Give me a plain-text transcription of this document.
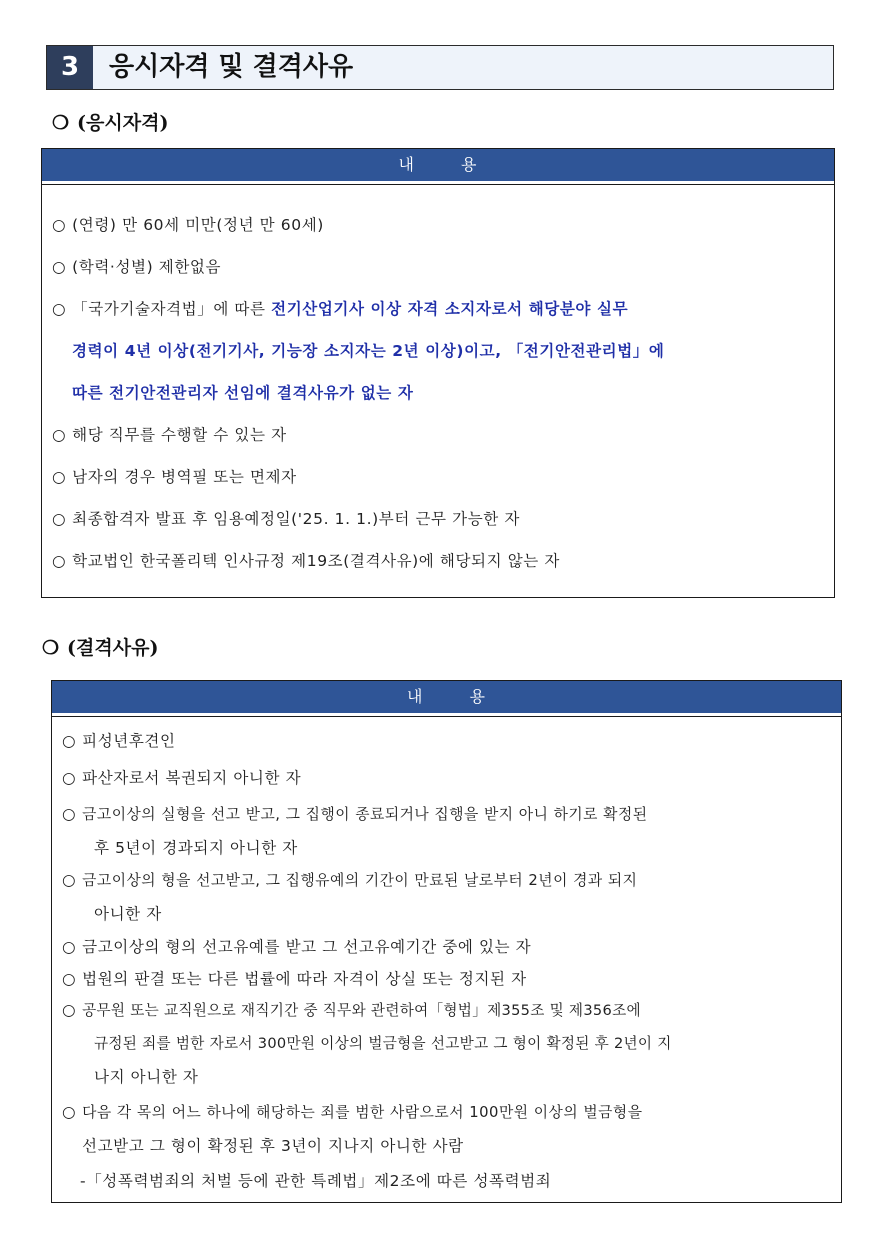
3	응시자격 및 결격사유
❍ (응시자격)
내	용
○ (연령) 만 60세 미만(정년 만 60세)
○ (학력·성별) 제한없음
○ 「국가기술자격법」에 따른 전기산업기사 이상 자격 소지자로서 해당분야 실무
경력이 4년 이상(전기기사, 기능장 소지자는 2년 이상)이고, 「전기안전관리법」에
따른 전기안전관리자 선임에 결격사유가 없는 자
○ 해당 직무를 수행할 수 있는 자
○ 남자의 경우 병역필 또는 면제자
○ 최종합격자 발표 후 임용예정일('25. 1. 1.)부터 근무 가능한 자
○ 학교법인 한국폴리텍 인사규정 제19조(결격사유)에 해당되지 않는 자
❍ (결격사유)
내	용
○ 피성년후견인
○ 파산자로서 복권되지 아니한 자
○ 금고이상의 실형을 선고 받고, 그 집행이 종료되거나 집행을 받지 아니 하기로 확정된
후 5년이 경과되지 아니한 자
○ 금고이상의 형을 선고받고, 그 집행유예의 기간이 만료된 날로부터 2년이 경과 되지
아니한 자
○ 금고이상의 형의 선고유예를 받고 그 선고유예기간 중에 있는 자
○ 법원의 판결 또는 다른 법률에 따라 자격이 상실 또는 정지된 자
○ 공무원 또는 교직원으로 재직기간 중 직무와 관련하여「형법」제355조 및 제356조에
규정된 죄를 범한 자로서 300만원 이상의 벌금형을 선고받고 그 형이 확정된 후 2년이 지
나지 아니한 자
○ 다음 각 목의 어느 하나에 해당하는 죄를 범한 사람으로서 100만원 이상의 벌금형을
선고받고 그 형이 확정된 후 3년이 지나지 아니한 사람
-「성폭력범죄의 처벌 등에 관한 특례법」제2조에 따른 성폭력범죄
